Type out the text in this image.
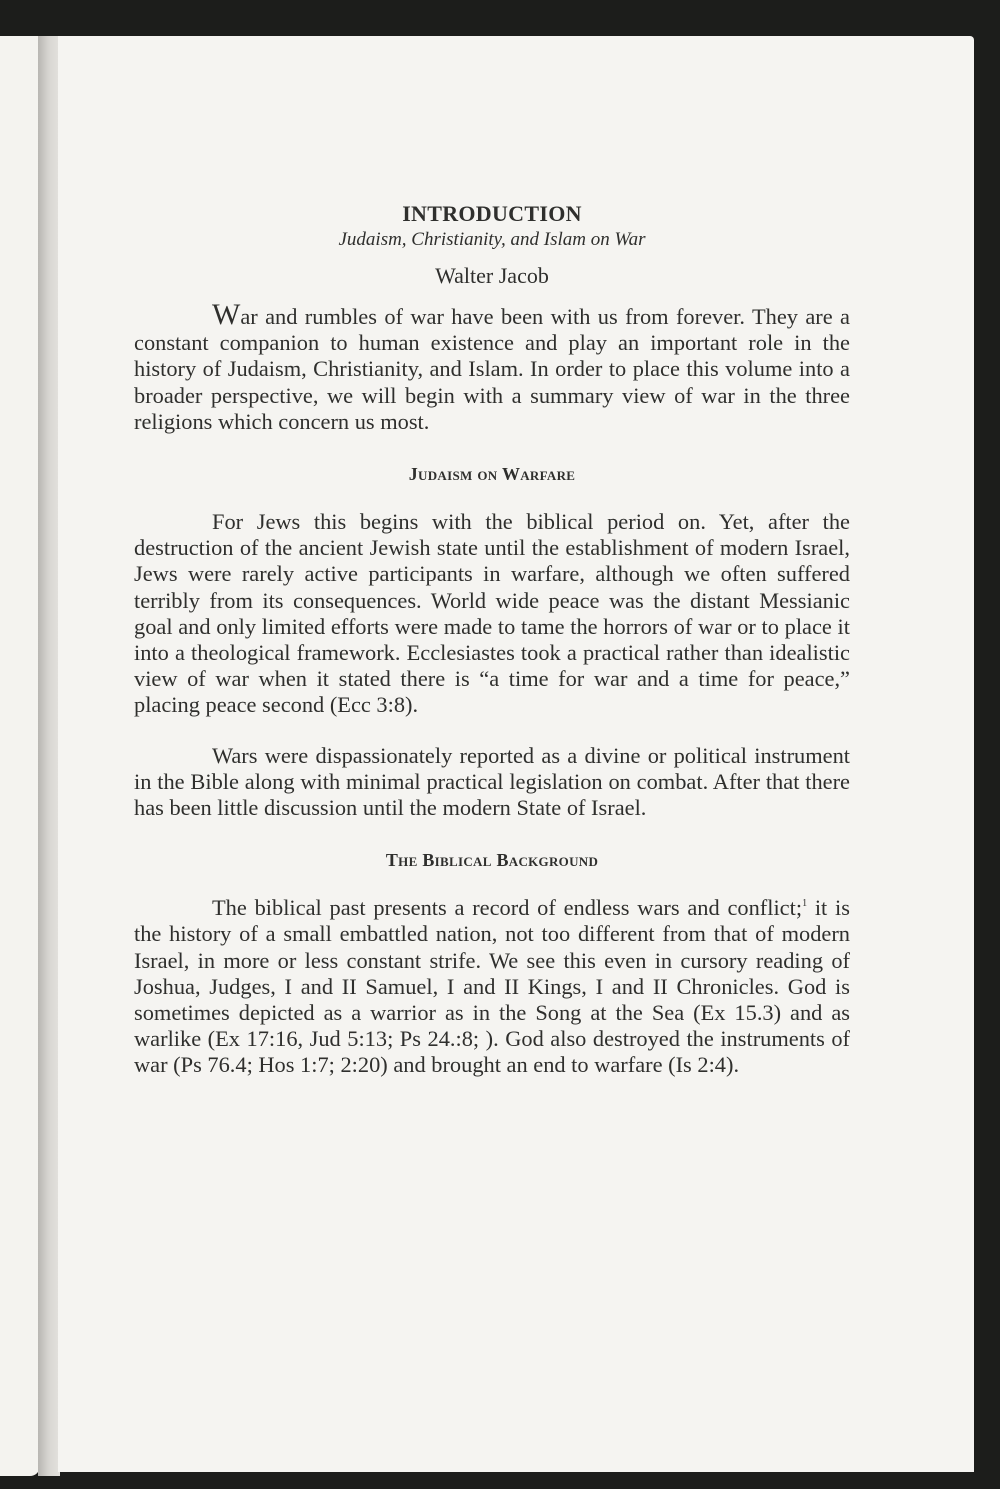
INTRODUCTION
Judaism, Christianity, and Islam on War
Walter Jacob

War and rumbles of war have been with us from forever. They are a constant companion to human existence and play an important role in the history of Judaism, Christianity, and Islam. In order to place this volume into a broader perspective, we will begin with a summary view of war in the three religions which concern us most.

Judaism on Warfare

For Jews this begins with the biblical period on. Yet, after the destruction of the ancient Jewish state until the establishment of modern Israel, Jews were rarely active participants in warfare, although we often suffered terribly from its consequences. World wide peace was the distant Messianic goal and only limited efforts were made to tame the horrors of war or to place it into a theological framework. Ecclesiastes took a practical rather than idealistic view of war when it stated there is “a time for war and a time for peace,” placing peace second (Ecc 3:8).

Wars were dispassionately reported as a divine or political instrument in the Bible along with minimal practical legislation on combat. After that there has been little discussion until the modern State of Israel.

The Biblical Background

The biblical past presents a record of endless wars and conflict;$^1$ it is the history of a small embattled nation, not too different from that of modern Israel, in more or less constant strife. We see this even in cursory reading of Joshua, Judges, I and II Samuel, I and II Kings, I and II Chronicles. God is sometimes depicted as a warrior as in the Song at the Sea (Ex 15.3) and as warlike (Ex 17:16, Jud 5:13; Ps 24.:8; ). God also destroyed the instruments of war (Ps 76.4; Hos 1:7; 2:20) and brought an end to warfare (Is 2:4).
